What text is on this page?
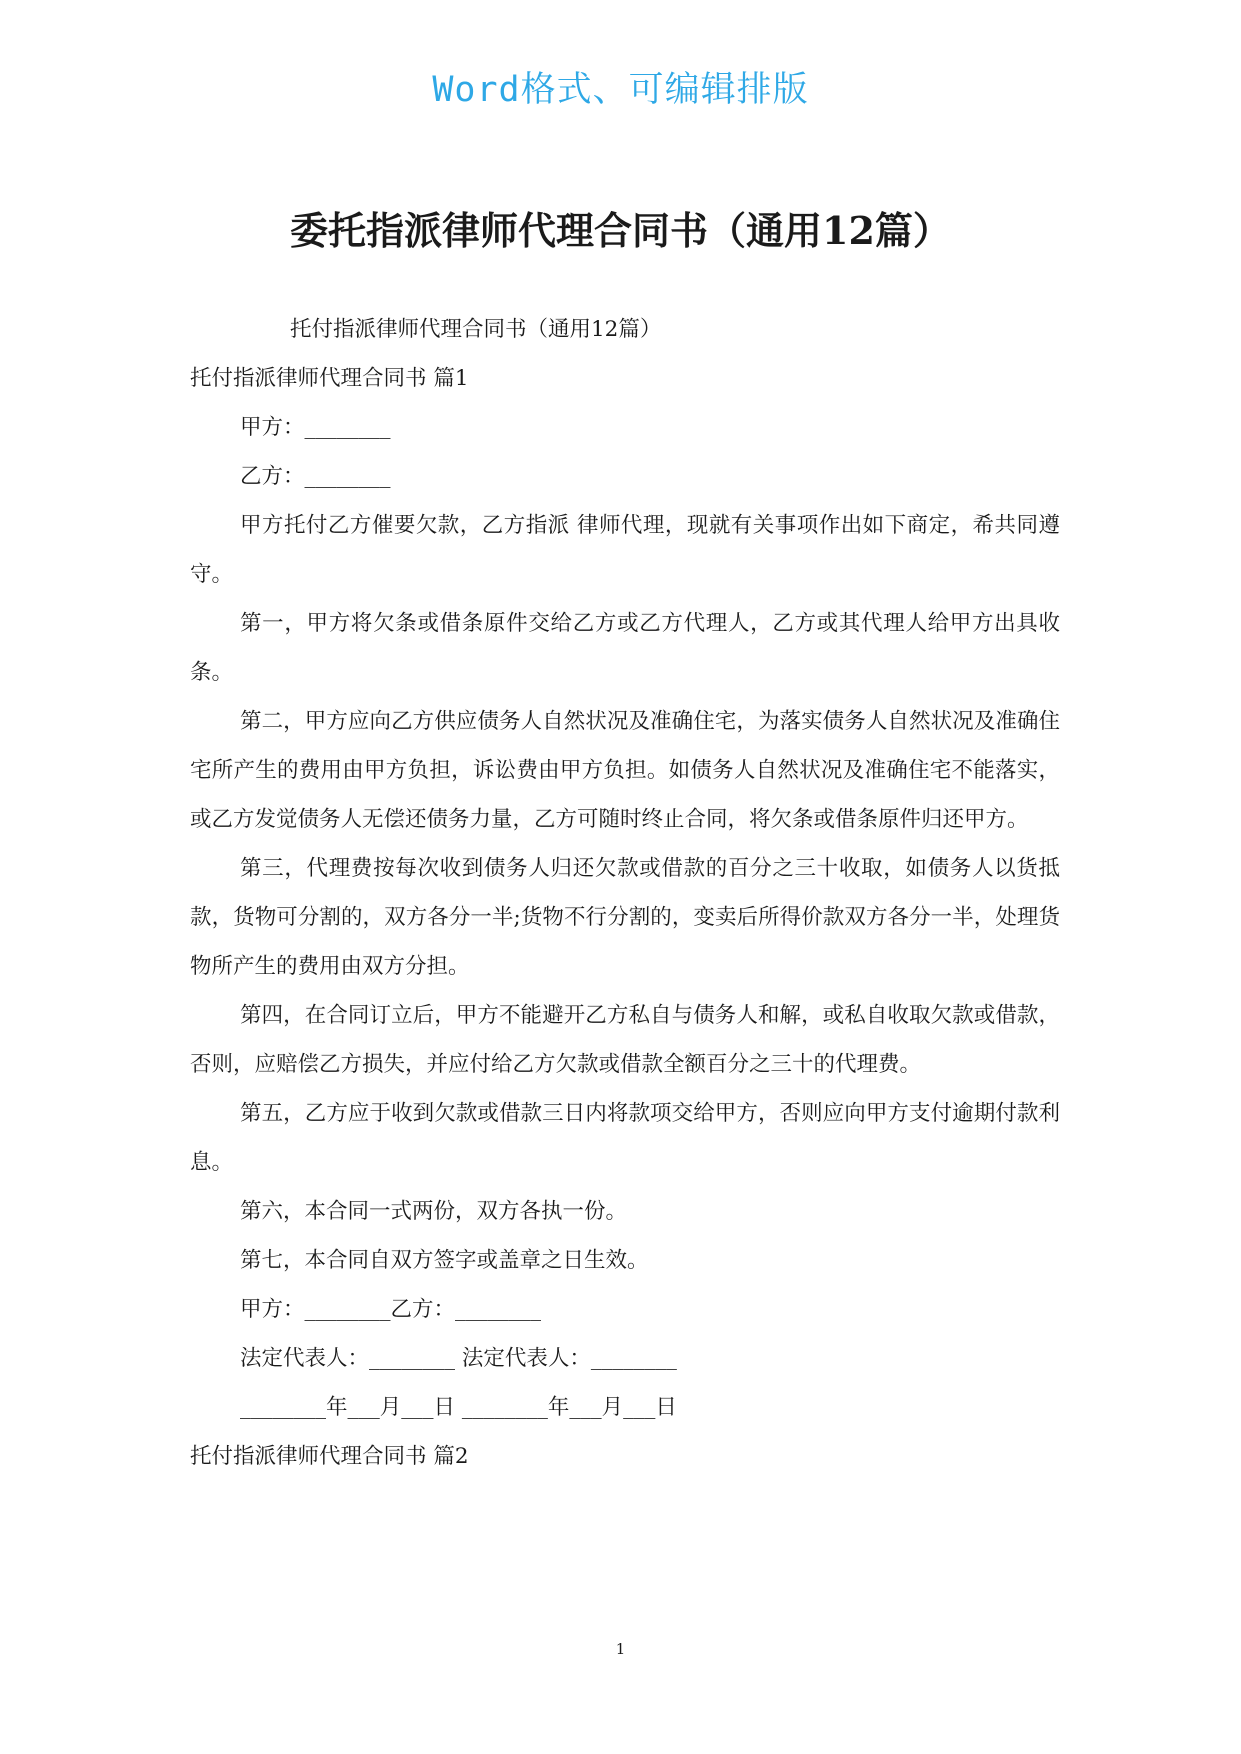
Word格式、可编辑排版
委托指派律师代理合同书（通用12篇）

托付指派律师代理合同书（通用12篇）

托付指派律师代理合同书 篇1

甲方：________

乙方：________

甲方托付乙方催要欠款，乙方指派 律师代理，现就有关事项作出如下商定，希共同遵守。

第一，甲方将欠条或借条原件交给乙方或乙方代理人，乙方或其代理人给甲方出具收条。

第二，甲方应向乙方供应债务人自然状况及准确住宅，为落实债务人自然状况及准确住宅所产生的费用由甲方负担，诉讼费由甲方负担。如债务人自然状况及准确住宅不能落实，或乙方发觉债务人无偿还债务力量，乙方可随时终止合同，将欠条或借条原件归还甲方。

第三，代理费按每次收到债务人归还欠款或借款的百分之三十收取，如债务人以货抵款，货物可分割的，双方各分一半;货物不行分割的，变卖后所得价款双方各分一半，处理货物所产生的费用由双方分担。

第四，在合同订立后，甲方不能避开乙方私自与债务人和解，或私自收取欠款或借款，否则，应赔偿乙方损失，并应付给乙方欠款或借款全额百分之三十的代理费。

第五，乙方应于收到欠款或借款三日内将款项交给甲方，否则应向甲方支付逾期付款利息。

第六，本合同一式两份，双方各执一份。

第七，本合同自双方签字或盖章之日生效。

甲方：________乙方：________

法定代表人：________ 法定代表人：________

________年___月___日 ________年___月___日

托付指派律师代理合同书 篇2

1
